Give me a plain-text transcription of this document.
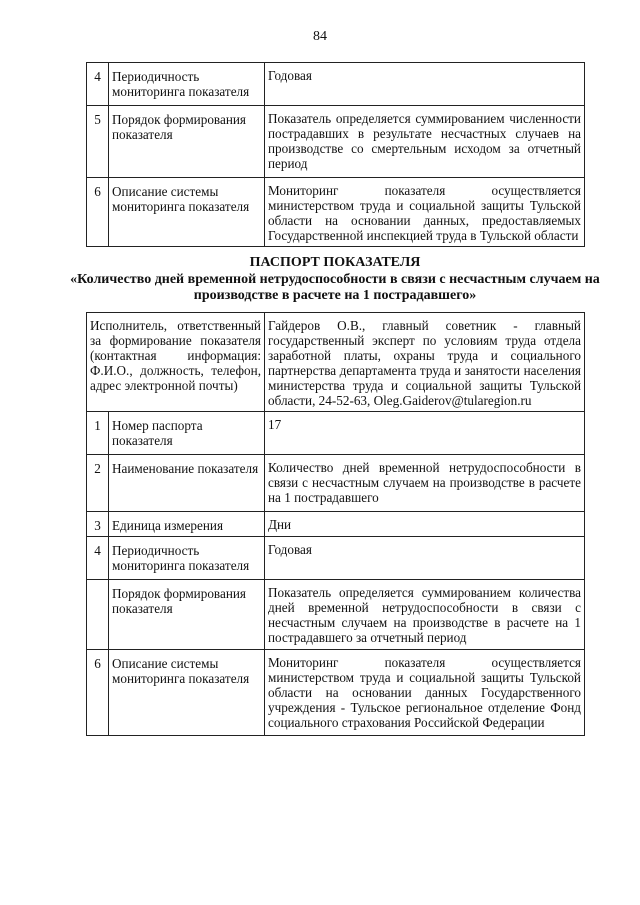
84
4	Периодичность мониторинга показателя	Годовая
5	Порядок формирования показателя	Показатель определяется суммированием численности пострадавших в результате несчастных случаев на производстве со смертельным исходом за отчетный период
6	Описание системы мониторинга показателя	Мониторинг показателя осуществляется министерством труда и социальной защиты Тульской области на основании данных, предоставляемых Государственной инспекцией труда в Тульской области
ПАСПОРТ ПОКАЗАТЕЛЯ
«Количество дней временной нетрудоспособности в связи с несчастным случаем на производстве в расчете на 1 пострадавшего»
Исполнитель, ответственный за формирование показателя (контактная информация: Ф.И.О., должность, телефон, адрес электронной почты)		Гайдеров О.В., главный советник - главный государственный эксперт по условиям труда отдела заработной платы, охраны труда и социального партнерства департамента труда и занятости населения министерства труда и социальной защиты Тульской области, 24-52-63, Oleg.Gaiderov@tularegion.ru
1	Номер паспорта показателя	17
2	Наименование показателя	Количество дней временной нетрудоспособности в связи с несчастным случаем на производстве в расчете на 1 пострадавшего
3	Единица измерения	Дни
4	Периодичность мониторинга показателя	Годовая
	Порядок формирования показателя	Показатель определяется суммированием количества дней временной нетрудоспособности в связи с несчастным случаем на производстве в расчете на 1 пострадавшего за отчетный период
6	Описание системы мониторинга показателя	Мониторинг показателя осуществляется министерством труда и социальной защиты Тульской области на основании данных Государственного учреждения - Тульское региональное отделение Фонд социального страхования Российской Федерации
